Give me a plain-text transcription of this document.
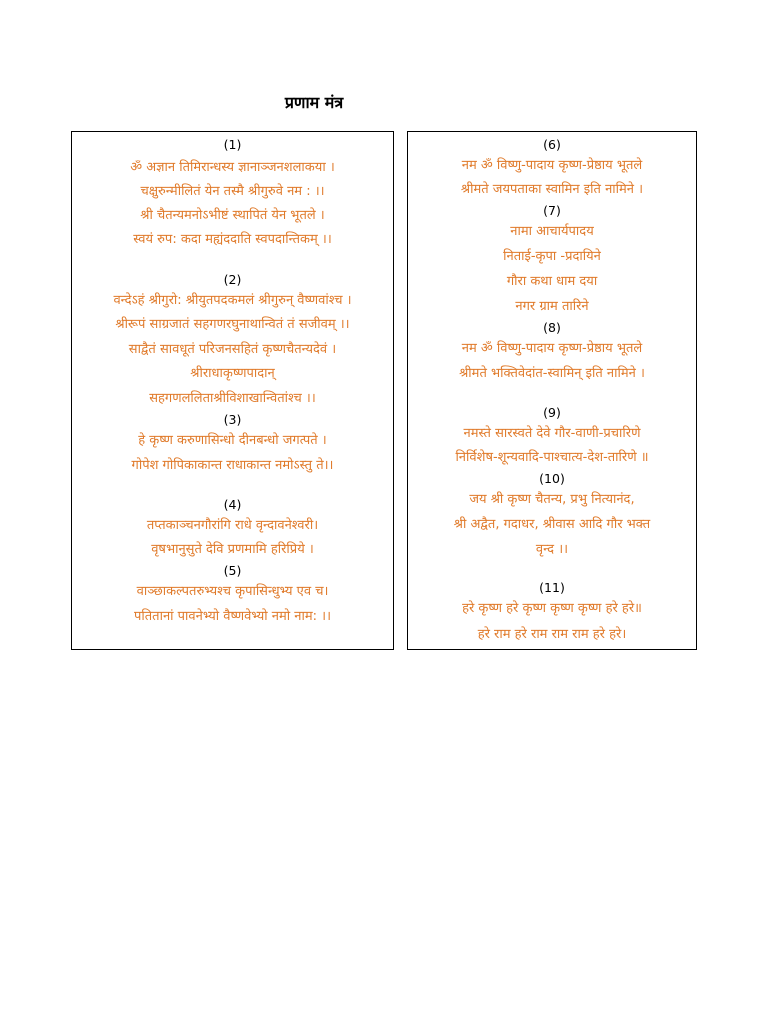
प्रणाम मंत्र
(1)
ॐ अज्ञान तिमिरान्धस्य ज्ञानाञ्जनशलाकया ।
चक्षुरुन्मीलितं येन तस्मै श्रीगुरुवे नम : ।।
श्री चैतन्यमनोऽभीष्टं स्थापितं येन भूतले ।
स्वयं रुप: कदा मह्यंददाति स्वपदान्तिकम् ।।
(2)
वन्देऽहं श्रीगुरो: श्रीयुतपदकमलं श्रीगुरुन् वैष्णवांश्च ।
श्रीरूपं साग्रजातं सहगणरघुनाथान्वितं तं सजीवम् ।।
साद्वैतं सावधूतं परिजनसहितं कृष्णचैतन्यदेवं ।
श्रीराधाकृष्णपादान्
सहगणललिताश्रीविशाखान्वितांश्च ।।
(3)
हे कृष्ण करुणासिन्धो दीनबन्धो जगत्पते ।
गोपेश गोपिकाकान्त राधाकान्त नमोऽस्तु ते।।
(4)
तप्तकाञ्चनगौरांगि राधे वृन्दावनेश्वरी।
वृषभानुसुते देवि प्रणमामि हरिप्रिये ।
(5)
वाञ्छाकल्पतरुभ्यश्च कृपासिन्धुभ्य एव च।
पतितानां पावनेभ्यो वैष्णवेभ्यो नमो नाम: ।।
(6)
नम ॐ विष्णु-पादाय कृष्ण-प्रेष्ठाय भूतले
श्रीमते जयपताका स्वामिन इति नामिने ।
(7)
नामा आचार्यपादय
निताई-कृपा -प्रदायिने
गौरा कथा धाम दया
नगर ग्राम तारिने
(8)
नम ॐ विष्णु-पादाय कृष्ण-प्रेष्ठाय भूतले
श्रीमते भक्तिवेदांत-स्वामिन् इति नामिने ।
(9)
नमस्ते सारस्वते देवे गौर-वाणी-प्रचारिणे
निर्विशेष-शून्यवादि-पाश्चात्य-देश-तारिणे ॥
(10)
जय श्री कृष्ण चैतन्य, प्रभु नित्यानंद,
श्री अद्वैत, गदाधर, श्रीवास आदि गौर भक्त
वृन्द ।।
(11)
हरे कृष्ण हरे कृष्ण कृष्ण कृष्ण हरे हरे॥
हरे राम हरे राम राम राम हरे हरे।
